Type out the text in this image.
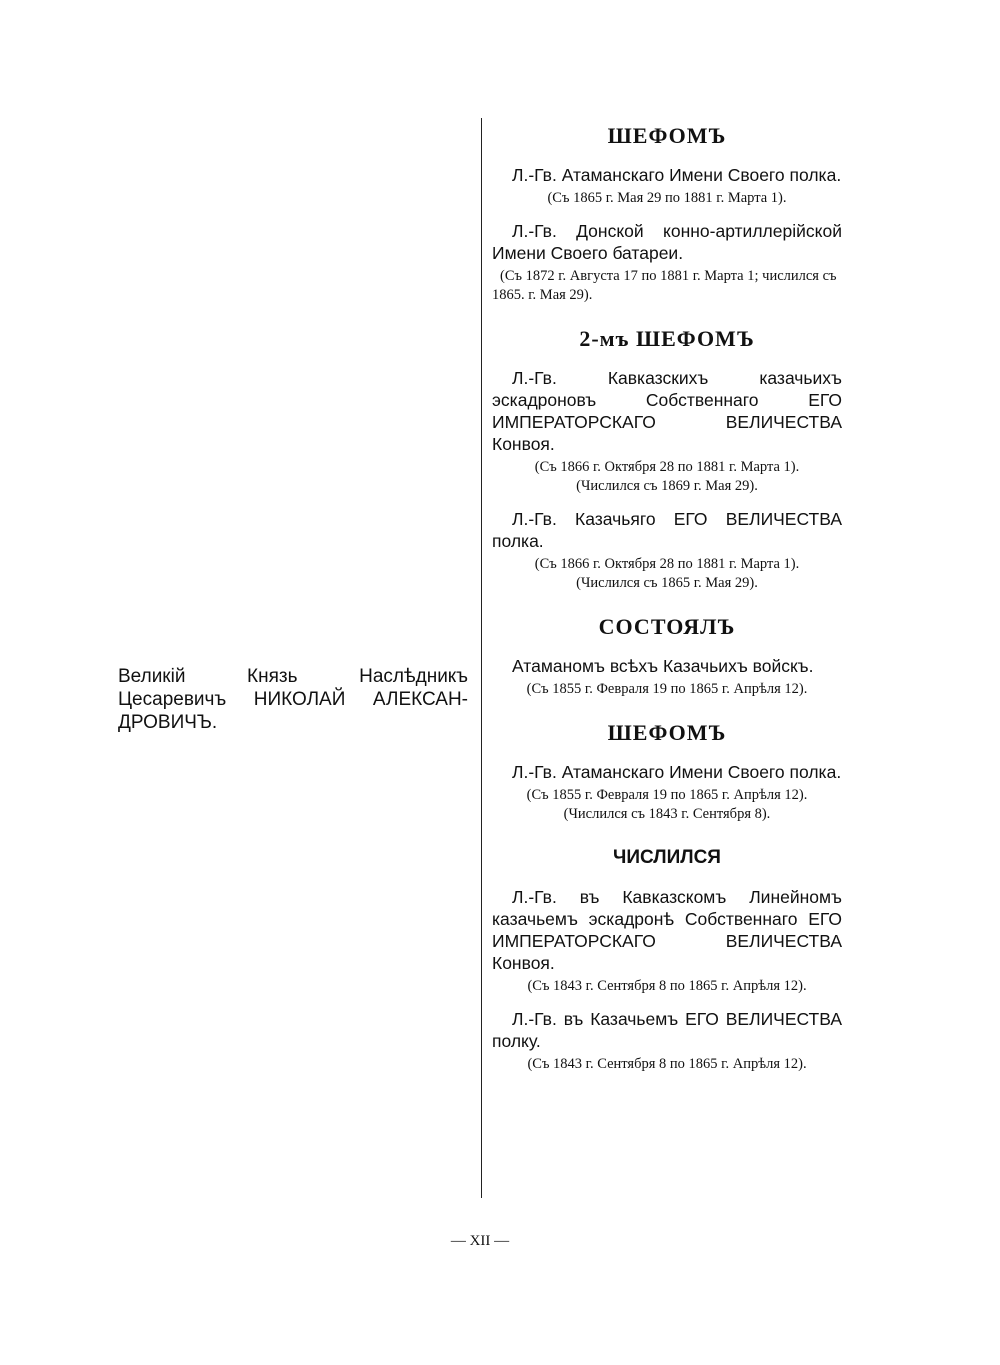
Великій Князь Наслѣдникъ Цесаревичъ НИКОЛАЙ АЛЕКСАН-ДРОВИЧЪ.
ШЕФОМЪ

Л.-Гв. Атаманскаго Имени Своего полка.

(Съ 1865 г. Мая 29 по 1881 г. Марта 1).

Л.-Гв. Донской конно-артиллерійской Имени Своего батареи.

(Съ 1872 г. Августа 17 по 1881 г. Марта 1; числился съ 1865. г. Мая 29).

2-мъ ШЕФОМЪ

Л.-Гв. Кавказскихъ казачьихъ эскадроновъ Собственнаго ЕГО ИМПЕРАТОРСКАГО ВЕЛИЧЕСТВА Конвоя.

(Съ 1866 г. Октября 28 по 1881 г. Марта 1).

(Числился съ 1869 г. Мая 29).

Л.-Гв. Казачьяго ЕГО ВЕЛИЧЕСТВА полка.

(Съ 1866 г. Октября 28 по 1881 г. Марта 1).

(Числился съ 1865 г. Мая 29).

СОСТОЯЛЪ

Атаманомъ всѣхъ Казачьихъ войскъ.

(Съ 1855 г. Февраля 19 по 1865 г. Апрѣля 12).

ШЕФОМЪ

Л.-Гв. Атаманскаго Имени Своего полка.

(Съ 1855 г. Февраля 19 по 1865 г. Апрѣля 12).

(Числился съ 1843 г. Сентября 8).

ЧИСЛИЛСЯ

Л.-Гв. въ Кавказскомъ Линейномъ казачьемъ эскадронѣ Собственнаго ЕГО ИМПЕРАТОРСКАГО ВЕЛИЧЕСТВА Конвоя.

(Съ 1843 г. Сентября 8 по 1865 г. Апрѣля 12).

Л.-Гв. въ Казачьемъ ЕГО ВЕЛИЧЕСТВА полку.

(Съ 1843 г. Сентября 8 по 1865 г. Апрѣля 12).

— XII —
